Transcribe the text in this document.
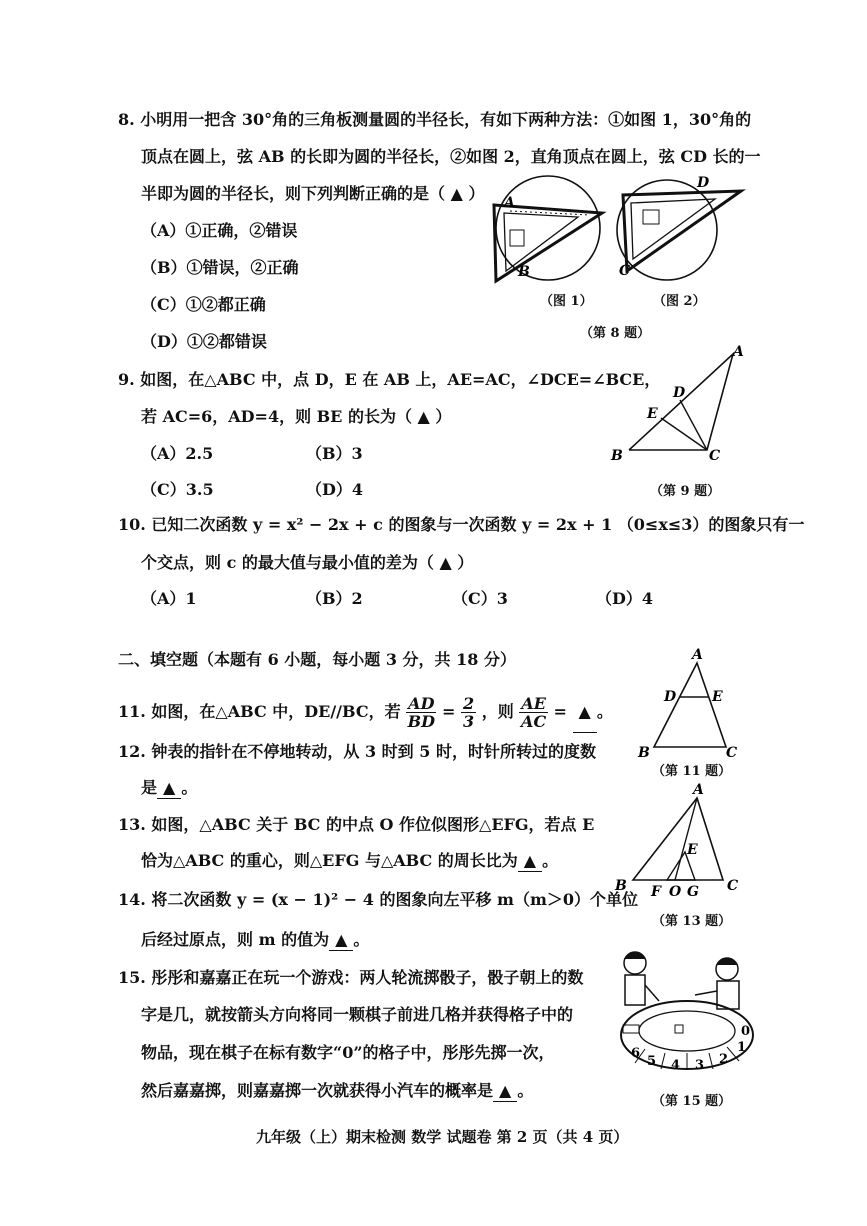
8. 小明用一把含 30°角的三角板测量圆的半径长，有如下两种方法：①如图 1，30°角的
顶点在圆上，弦 AB 的长即为圆的半径长，②如图 2，直角顶点在圆上，弦 CD 长的一
半即为圆的半径长，则下列判断正确的是（ ▲ ）
（A）①正确，②错误
（B）①错误，②正确
（C）①②都正确
（D）①②都错误
A
B
（图 1）
D
C
（图 2）
（第 8 题）
9. 如图，在△ABC 中，点 D，E 在 AB 上，AE=AC，∠DCE=∠BCE，
若 AC=6，AD=4，则 BE 的长为（ ▲ ）
（A）2.5	（B）3
（C）3.5	（D）4
A
B	C
D
E
（第 9 题）
10. 已知二次函数 y = x² − 2x + c 的图象与一次函数 y = 2x + 1 （0≤x≤3）的图象只有一
个交点，则 c 的最大值与最小值的差为（ ▲ ）
（A）1	（B）2	（C）3	（D）4
二、填空题（本题有 6 小题，每小题 3 分，共 18 分）
11. 如图，在△ABC 中，DE//BC，若 $\frac{AD}{BD} = \frac{2}{3}$ ，则 $\frac{AE}{AC}$ = ▲ 。
A
B	C
D	E
（第 11 题）
12. 钟表的指针在不停地转动，从 3 时到 5 时，时针所转过的度数
是 ▲ 。
13. 如图，△ABC 关于 BC 的中点 O 作位似图形△EFG，若点 E
恰为△ABC 的重心，则△EFG 与△ABC 的周长比为 ▲ 。
A
B	C
E
F O G
（第 13 题）
14. 将二次函数 y = (x − 1)² − 4 的图象向左平移 m（m＞0）个单位
后经过原点，则 m 的值为 ▲ 。
15. 彤彤和嘉嘉正在玩一个游戏：两人轮流掷骰子，骰子朝上的数
字是几，就按箭头方向将同一颗棋子前进几格并获得格子中的
物品，现在棋子在标有数字“0”的格子中，彤彤先掷一次，
然后嘉嘉掷，则嘉嘉掷一次就获得小汽车的概率是 ▲ 。
6
5 4 3 2
1
0
（第 15 题）
九年级（上）期末检测 数学 试题卷 第 2 页（共 4 页）
